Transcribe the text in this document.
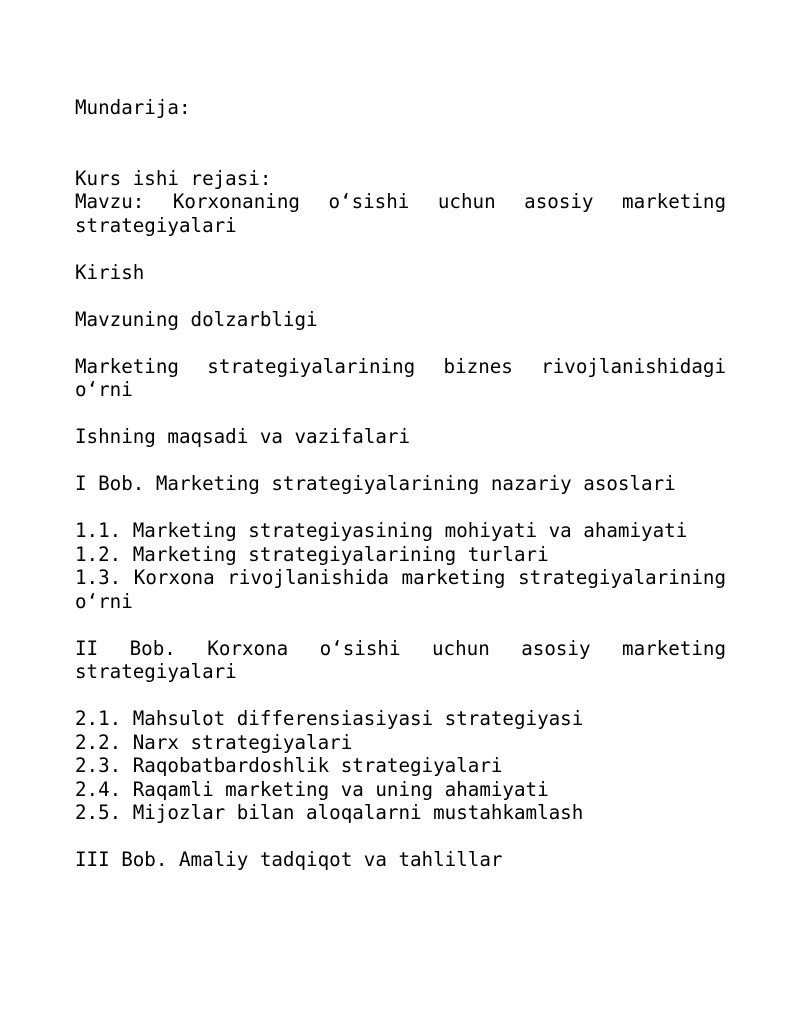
Mundarija:

Kurs ishi rejasi:

Mavzu: Korxonaning o‘sishi uchun asosiy marketing strategiyalari

Kirish

Mavzuning dolzarbligi

Marketing strategiyalarining biznes rivojlanishidagi o‘rni

Ishning maqsadi va vazifalari

I Bob. Marketing strategiyalarining nazariy asoslari

1.1. Marketing strategiyasining mohiyati va ahamiyati

1.2. Marketing strategiyalarining turlari

1.3. Korxona rivojlanishida marketing strategiyalarining o‘rni

II Bob. Korxona o‘sishi uchun asosiy marketing strategiyalari

2.1. Mahsulot differensiasiyasi strategiyasi

2.2. Narx strategiyalari

2.3. Raqobatbardoshlik strategiyalari

2.4. Raqamli marketing va uning ahamiyati

2.5. Mijozlar bilan aloqalarni mustahkamlash

III Bob. Amaliy tadqiqot va tahlillar
